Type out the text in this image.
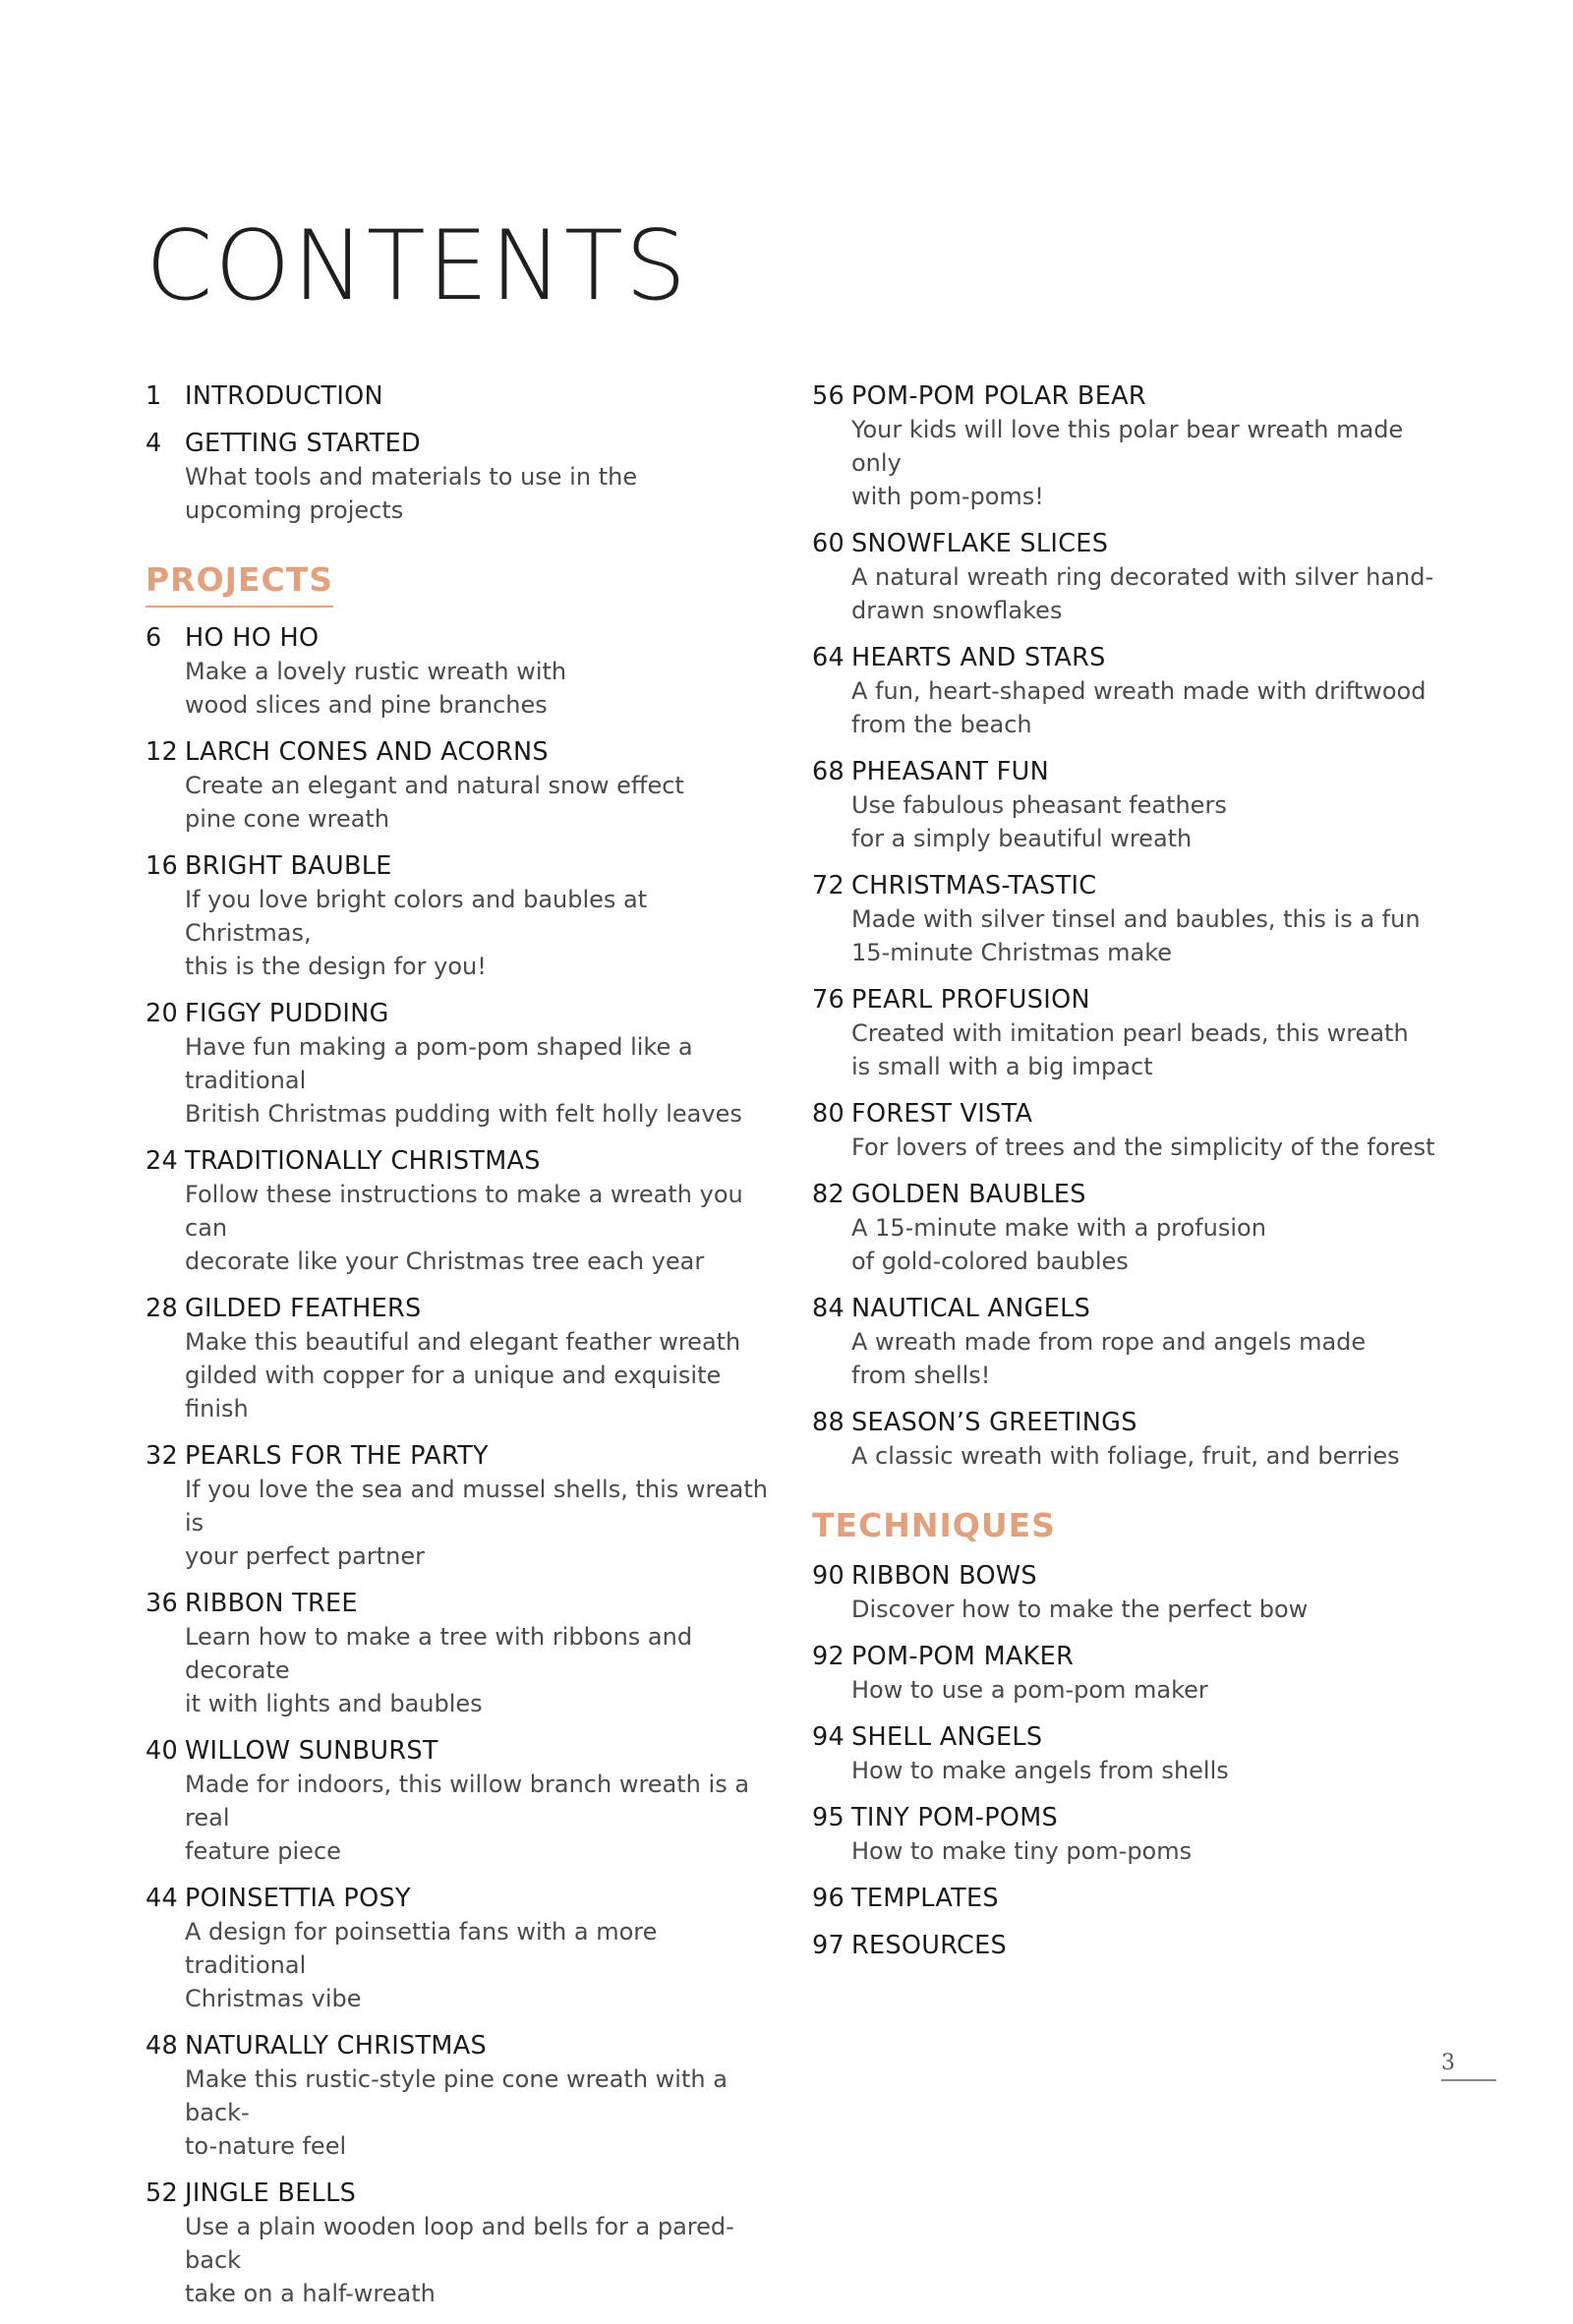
CONTENTS
1 INTRODUCTION
4 GETTING STARTED
What tools and materials to use in the
upcoming projects
PROJECTS
6 HO HO HO
Make a lovely rustic wreath with
wood slices and pine branches
12 LARCH CONES AND ACORNS
Create an elegant and natural snow effect
pine cone wreath
16 BRIGHT BAUBLE
If you love bright colors and baubles at Christmas,
this is the design for you!
20 FIGGY PUDDING
Have fun making a pom-pom shaped like a traditional
British Christmas pudding with felt holly leaves
24 TRADITIONALLY CHRISTMAS
Follow these instructions to make a wreath you can
decorate like your Christmas tree each year
28 GILDED FEATHERS
Make this beautiful and elegant feather wreath
gilded with copper for a unique and exquisite finish
32 PEARLS FOR THE PARTY
If you love the sea and mussel shells, this wreath is
your perfect partner
36 RIBBON TREE
Learn how to make a tree with ribbons and decorate
it with lights and baubles
40 WILLOW SUNBURST
Made for indoors, this willow branch wreath is a real
feature piece
44 POINSETTIA POSY
A design for poinsettia fans with a more traditional
Christmas vibe
48 NATURALLY CHRISTMAS
Make this rustic-style pine cone wreath with a back-
to-nature feel
52 JINGLE BELLS
Use a plain wooden loop and bells for a pared-back
take on a half-wreath
56 POM-POM POLAR BEAR
Your kids will love this polar bear wreath made only
with pom-poms!
60 SNOWFLAKE SLICES
A natural wreath ring decorated with silver hand-
drawn snowflakes
64 HEARTS AND STARS
A fun, heart-shaped wreath made with driftwood
from the beach
68 PHEASANT FUN
Use fabulous pheasant feathers
for a simply beautiful wreath
72 CHRISTMAS-TASTIC
Made with silver tinsel and baubles, this is a fun
15-minute Christmas make
76 PEARL PROFUSION
Created with imitation pearl beads, this wreath
is small with a big impact
80 FOREST VISTA
For lovers of trees and the simplicity of the forest
82 GOLDEN BAUBLES
A 15-minute make with a profusion
of gold-colored baubles
84 NAUTICAL ANGELS
A wreath made from rope and angels made
from shells!
88 SEASON’S GREETINGS
A classic wreath with foliage, fruit, and berries
TECHNIQUES
90 RIBBON BOWS
Discover how to make the perfect bow
92 POM-POM MAKER
How to use a pom-pom maker
94 SHELL ANGELS
How to make angels from shells
95 TINY POM-POMS
How to make tiny pom-poms
96 TEMPLATES
97 RESOURCES
3
